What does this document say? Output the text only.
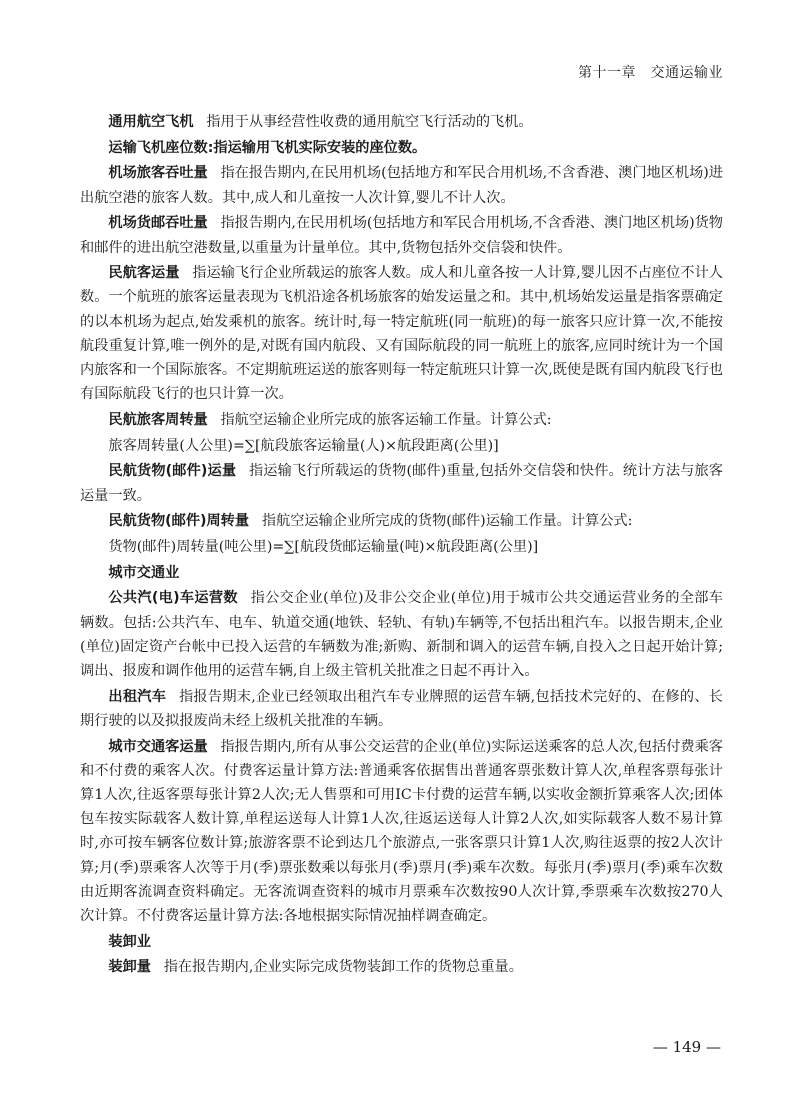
第十一章　交通运输业

通用航空飞机 指用于从事经营性收费的通用航空飞行活动的飞机。

运输飞机座位数:指运输用飞机实际安装的座位数。

机场旅客吞吐量 指在报告期内,在民用机场(包括地方和军民合用机场,不含香港、澳门地区机场)进出航空港的旅客人数。其中,成人和儿童按一人次计算,婴儿不计人次。

机场货邮吞吐量 指报告期内,在民用机场(包括地方和军民合用机场,不含香港、澳门地区机场)货物和邮件的进出航空港数量,以重量为计量单位。其中,货物包括外交信袋和快件。

民航客运量 指运输飞行企业所载运的旅客人数。成人和儿童各按一人计算,婴儿因不占座位不计人数。一个航班的旅客运量表现为飞机沿途各机场旅客的始发运量之和。其中,机场始发运量是指客票确定的以本机场为起点,始发乘机的旅客。统计时,每一特定航班(同一航班)的每一旅客只应计算一次,不能按航段重复计算,唯一例外的是,对既有国内航段、又有国际航段的同一航班上的旅客,应同时统计为一个国内旅客和一个国际旅客。不定期航班运送的旅客则每一特定航班只计算一次,既使是既有国内航段飞行也有国际航段飞行的也只计算一次。

民航旅客周转量 指航空运输企业所完成的旅客运输工作量。计算公式:

旅客周转量(人公里)=∑[航段旅客运输量(人)×航段距离(公里)]

民航货物(邮件)运量 指运输飞行所载运的货物(邮件)重量,包括外交信袋和快件。统计方法与旅客运量一致。

民航货物(邮件)周转量 指航空运输企业所完成的货物(邮件)运输工作量。计算公式:

货物(邮件)周转量(吨公里)=∑[航段货邮运输量(吨)×航段距离(公里)]

城市交通业

公共汽(电)车运营数 指公交企业(单位)及非公交企业(单位)用于城市公共交通运营业务的全部车辆数。包括:公共汽车、电车、轨道交通(地铁、轻轨、有轨)车辆等,不包括出租汽车。以报告期末,企业(单位)固定资产台帐中已投入运营的车辆数为准;新购、新制和调入的运营车辆,自投入之日起开始计算;调出、报废和调作他用的运营车辆,自上级主管机关批准之日起不再计入。

出租汽车 指报告期末,企业已经领取出租汽车专业牌照的运营车辆,包括技术完好的、在修的、长期行驶的以及拟报废尚未经上级机关批准的车辆。

城市交通客运量 指报告期内,所有从事公交运营的企业(单位)实际运送乘客的总人次,包括付费乘客和不付费的乘客人次。付费客运量计算方法:普通乘客依据售出普通客票张数计算人次,单程客票每张计算1人次,往返客票每张计算2人次;无人售票和可用IC卡付费的运营车辆,以实收金额折算乘客人次;团体包车按实际载客人数计算,单程运送每人计算1人次,往返运送每人计算2人次,如实际载客人数不易计算时,亦可按车辆客位数计算;旅游客票不论到达几个旅游点,一张客票只计算1人次,购往返票的按2人次计算;月(季)票乘客人次等于月(季)票张数乘以每张月(季)票月(季)乘车次数。每张月(季)票月(季)乘车次数由近期客流调查资料确定。无客流调查资料的城市月票乘车次数按90人次计算,季票乘车次数按270人次计算。不付费客运量计算方法:各地根据实际情况抽样调查确定。

装卸业

装卸量 指在报告期内,企业实际完成货物装卸工作的货物总重量。

— 149 —
